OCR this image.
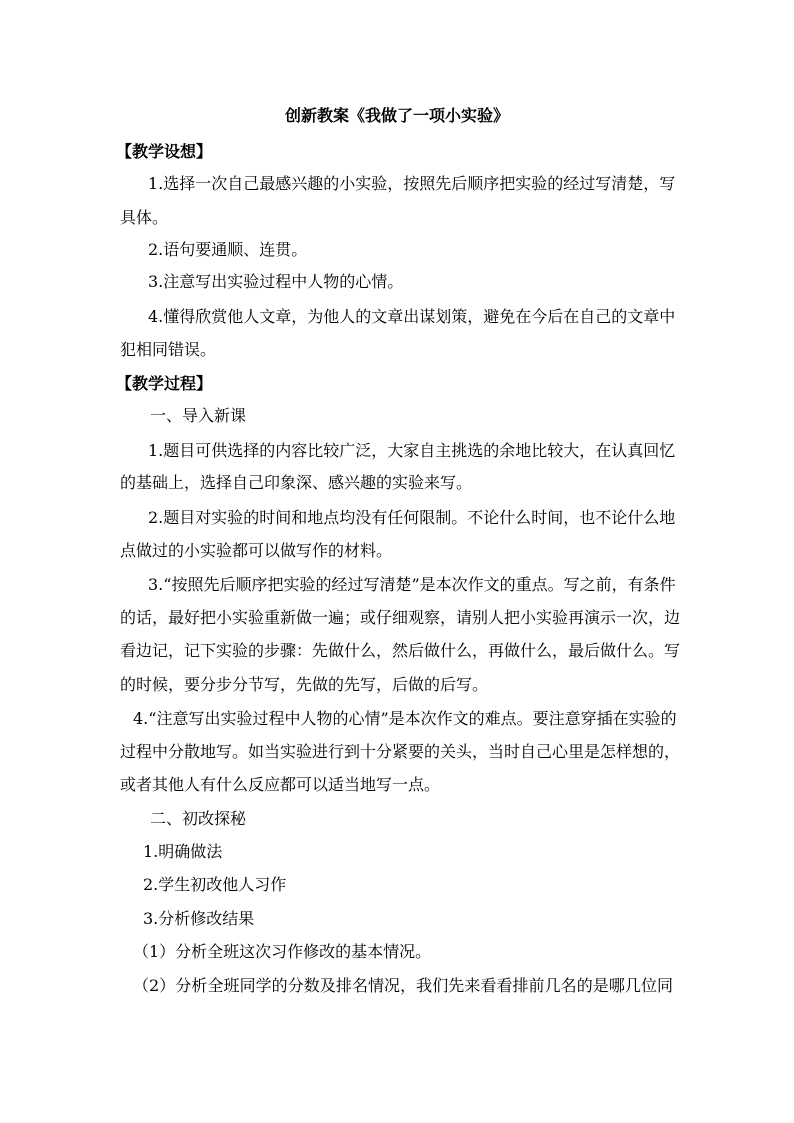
创新教案《我做了一项小实验》
【教学设想】
1.选择一次自己最感兴趣的小实验，按照先后顺序把实验的经过写清楚，写
具体。
2.语句要通顺、连贯。
3.注意写出实验过程中人物的心情。
4.懂得欣赏他人文章，为他人的文章出谋划策，避免在今后在自己的文章中
犯相同错误。
【教学过程】
一、导入新课
1.题目可供选择的内容比较广泛，大家自主挑选的余地比较大，在认真回忆
的基础上，选择自己印象深、感兴趣的实验来写。
2.题目对实验的时间和地点均没有任何限制。不论什么时间，也不论什么地
点做过的小实验都可以做写作的材料。
3.“按照先后顺序把实验的经过写清楚”是本次作文的重点。写之前，有条件
的话，最好把小实验重新做一遍；或仔细观察，请别人把小实验再演示一次，边
看边记，记下实验的步骤：先做什么，然后做什么，再做什么，最后做什么。写
的时候，要分步分节写，先做的先写，后做的后写。
4.“注意写出实验过程中人物的心情”是本次作文的难点。要注意穿插在实验的
过程中分散地写。如当实验进行到十分紧要的关头，当时自己心里是怎样想的，
或者其他人有什么反应都可以适当地写一点。
二、初改探秘
1.明确做法
2.学生初改他人习作
3.分析修改结果
（1）分析全班这次习作修改的基本情况。
（2）分析全班同学的分数及排名情况，我们先来看看排前几名的是哪几位同
